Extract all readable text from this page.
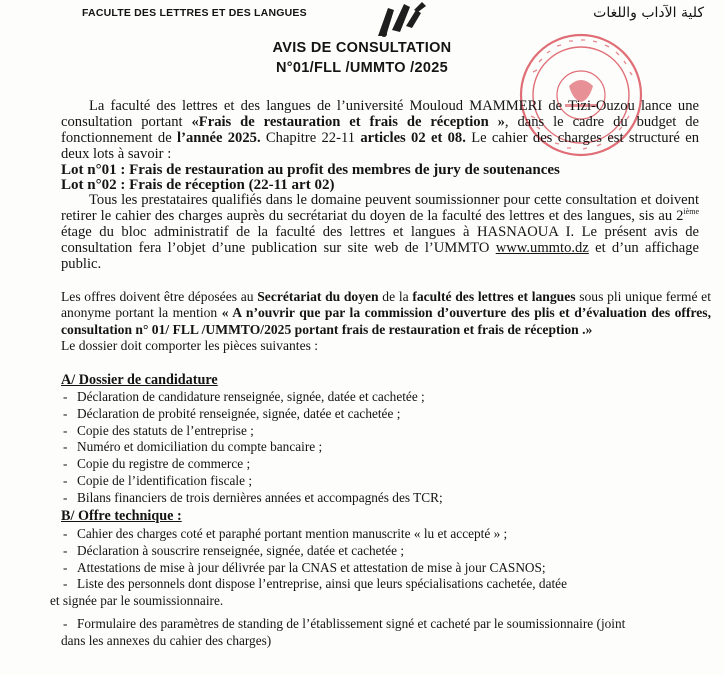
FACULTE DES LETTRES ET DES LANGUES	كلية الآداب واللغات
AVIS DE CONSULTATION
N°01/FLL /UMMTO /2025

La faculté des lettres et des langues de l’université Mouloud MAMMERI de Tizi-Ouzou lance une consultation portant «Frais de restauration et frais de réception », dans le cadre du budget de fonctionnement de l’année 2025. Chapitre 22-11 articles 02 et 08. Le cahier des charges est structuré en deux lots à savoir :

Lot n°01 : Frais de restauration au profit des membres de jury de soutenances
Lot n°02 : Frais de réception (22-11 art 02)

Tous les prestataires qualifiés dans le domaine peuvent soumissionner pour cette consultation et doivent retirer le cahier des charges auprès du secrétariat du doyen de la faculté des lettres et des langues, sis au 2ième étage du bloc administratif de la faculté des lettres et langues à HASNAOUA I. Le présent avis de consultation fera l’objet d’une publication sur site web de l’UMMTO www.ummto.dz et d’un affichage public.

Les offres doivent être déposées au Secrétariat du doyen de la faculté des lettres et langues sous pli unique fermé et anonyme portant la mention « A n’ouvrir que par la commission d’ouverture des plis et d’évaluation des offres, consultation n° 01/ FLL /UMMTO/2025 portant frais de restauration et frais de réception .»

Le dossier doit comporter les pièces suivantes :

A/ Dossier de candidature
- Déclaration de candidature renseignée, signée, datée et cachetée ;
- Déclaration de probité renseignée, signée, datée et cachetée ;
- Copie des statuts de l’entreprise ;
- Numéro et domiciliation du compte bancaire ;
- Copie du registre de commerce ;
- Copie de l’identification fiscale ;
- Bilans financiers de trois dernières années et accompagnés des TCR;
B/ Offre technique :
- Cahier des charges coté et paraphé portant mention manuscrite « lu et accepté » ;
- Déclaration à souscrire renseignée, signée, datée et cachetée ;
- Attestations de mise à jour délivrée par la CNAS et attestation de mise à jour CASNOS;
- Liste des personnels dont dispose l’entreprise, ainsi que leurs spécialisations cachetée, datée
et signée par le soumissionnaire.
- Formulaire des paramètres de standing de l’établissement signé et cacheté par le soumissionnaire (joint
dans les annexes du cahier des charges)
